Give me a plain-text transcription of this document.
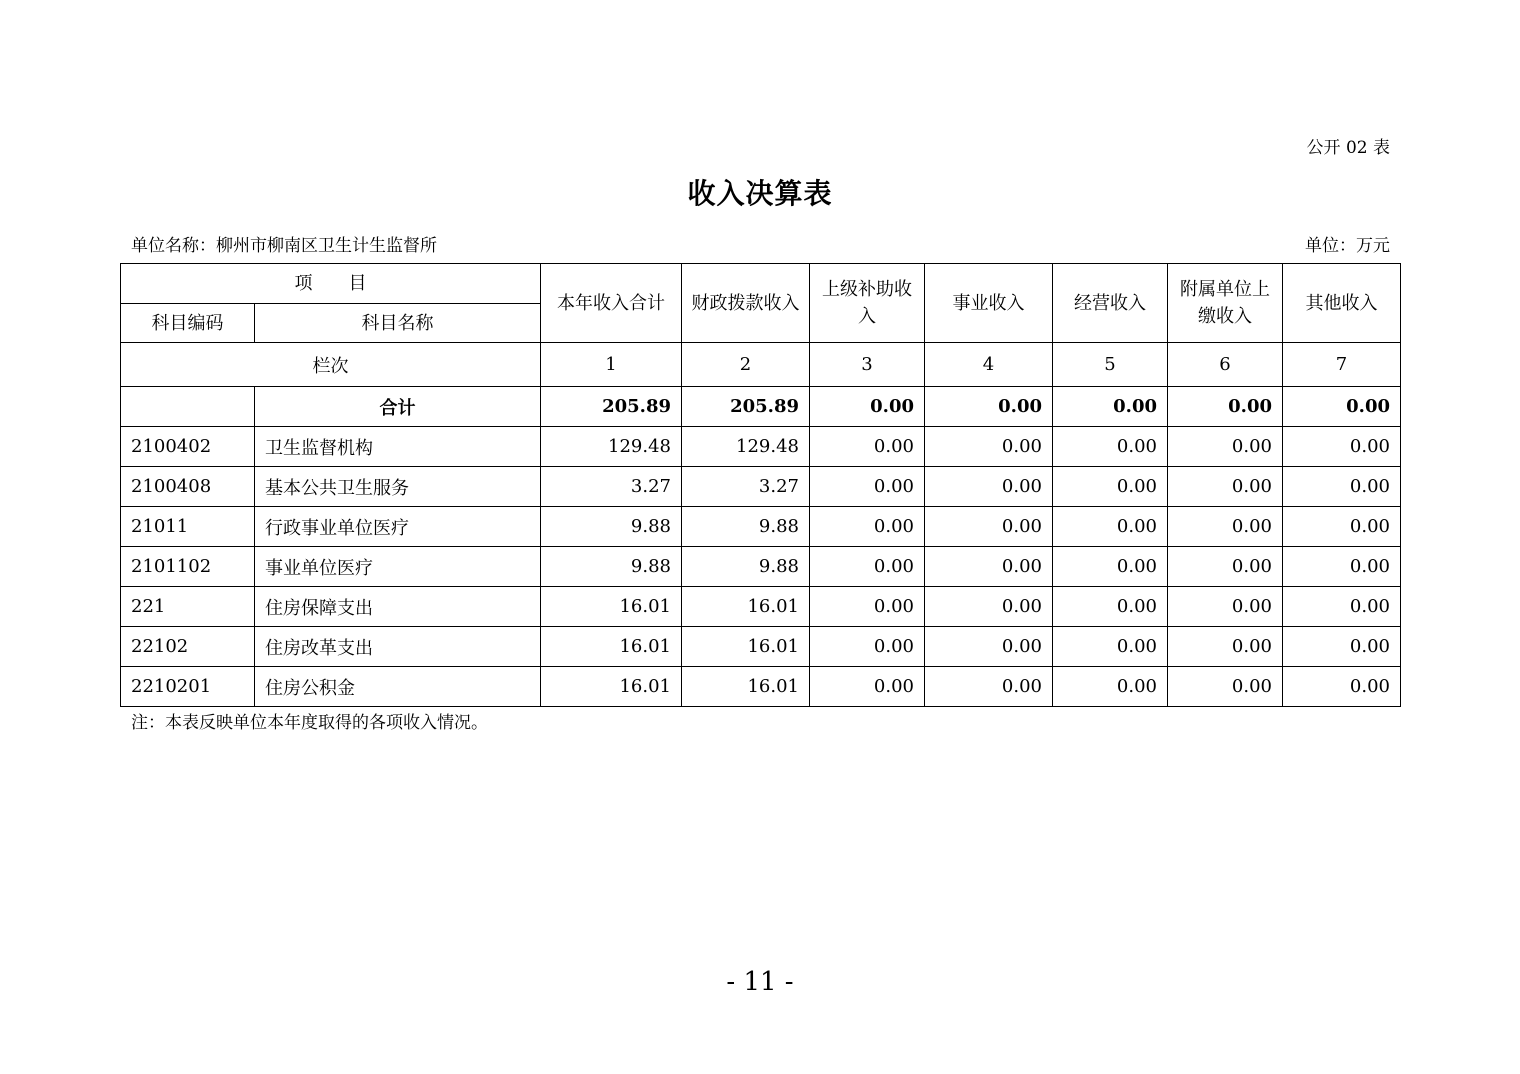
公开 02 表
收入决算表
单位名称：柳州市柳南区卫生计生监督所	单位：万元
项　　目		本年收入合计	财政拨款收入	上级补助收入	事业收入	经营收入	附属单位上缴收入	其他收入
科目编码	科目名称							
栏次		1	2	3	4	5	6	7
	合计	205.89	205.89	0.00	0.00	0.00	0.00	0.00
2100402	卫生监督机构	129.48	129.48	0.00	0.00	0.00	0.00	0.00
2100408	基本公共卫生服务	3.27	3.27	0.00	0.00	0.00	0.00	0.00
21011	行政事业单位医疗	9.88	9.88	0.00	0.00	0.00	0.00	0.00
2101102	事业单位医疗	9.88	9.88	0.00	0.00	0.00	0.00	0.00
221	住房保障支出	16.01	16.01	0.00	0.00	0.00	0.00	0.00
22102	住房改革支出	16.01	16.01	0.00	0.00	0.00	0.00	0.00
2210201	住房公积金	16.01	16.01	0.00	0.00	0.00	0.00	0.00
注：本表反映单位本年度取得的各项收入情况。
- 11 -
